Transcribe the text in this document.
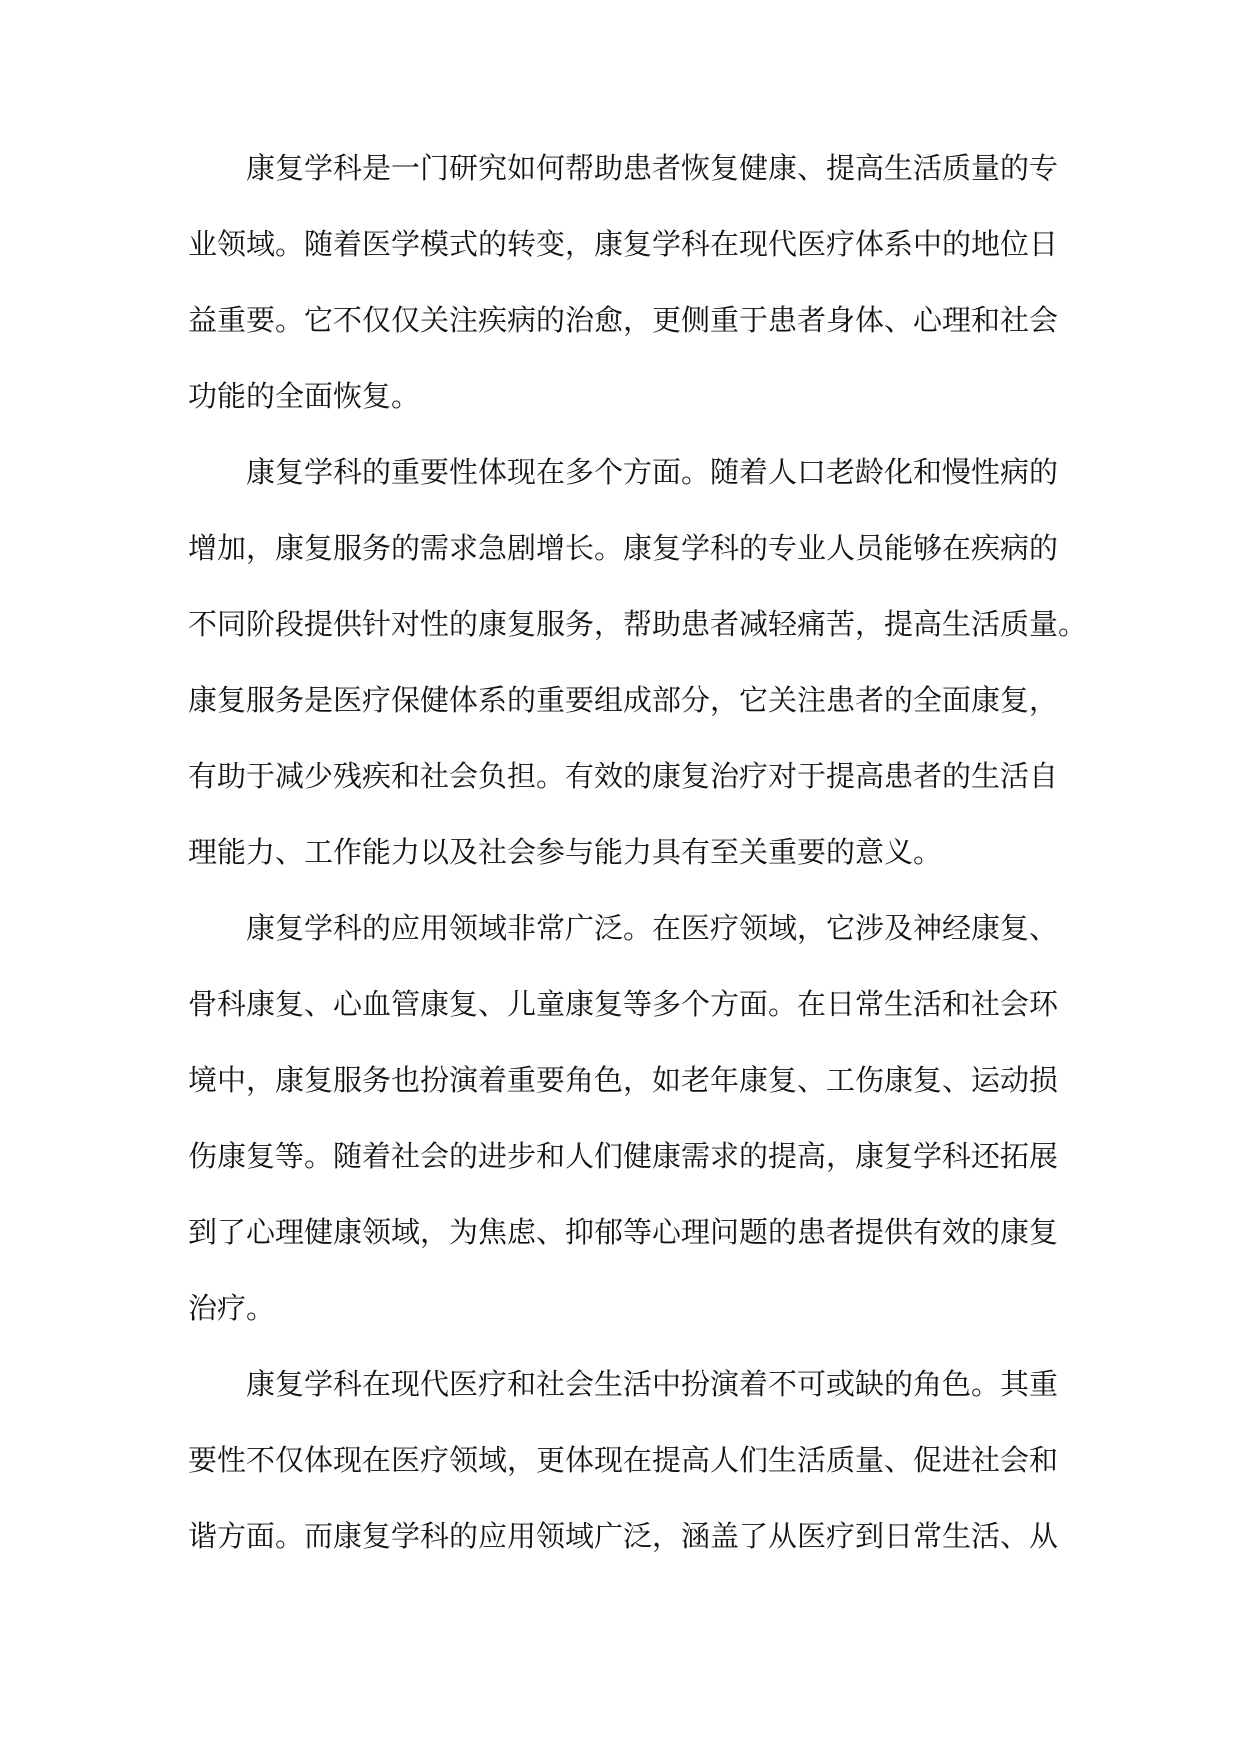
康复学科是一门研究如何帮助患者恢复健康、提高生活质量的专
业领域。随着医学模式的转变，康复学科在现代医疗体系中的地位日
益重要。它不仅仅关注疾病的治愈，更侧重于患者身体、心理和社会
功能的全面恢复。
康复学科的重要性体现在多个方面。随着人口老龄化和慢性病的
增加，康复服务的需求急剧增长。康复学科的专业人员能够在疾病的
不同阶段提供针对性的康复服务，帮助患者减轻痛苦，提高生活质量。
康复服务是医疗保健体系的重要组成部分，它关注患者的全面康复，
有助于减少残疾和社会负担。有效的康复治疗对于提高患者的生活自
理能力、工作能力以及社会参与能力具有至关重要的意义。
康复学科的应用领域非常广泛。在医疗领域，它涉及神经康复、
骨科康复、心血管康复、儿童康复等多个方面。在日常生活和社会环
境中，康复服务也扮演着重要角色，如老年康复、工伤康复、运动损
伤康复等。随着社会的进步和人们健康需求的提高，康复学科还拓展
到了心理健康领域，为焦虑、抑郁等心理问题的患者提供有效的康复
治疗。
康复学科在现代医疗和社会生活中扮演着不可或缺的角色。其重
要性不仅体现在医疗领域，更体现在提高人们生活质量、促进社会和
谐方面。而康复学科的应用领域广泛，涵盖了从医疗到日常生活、从
